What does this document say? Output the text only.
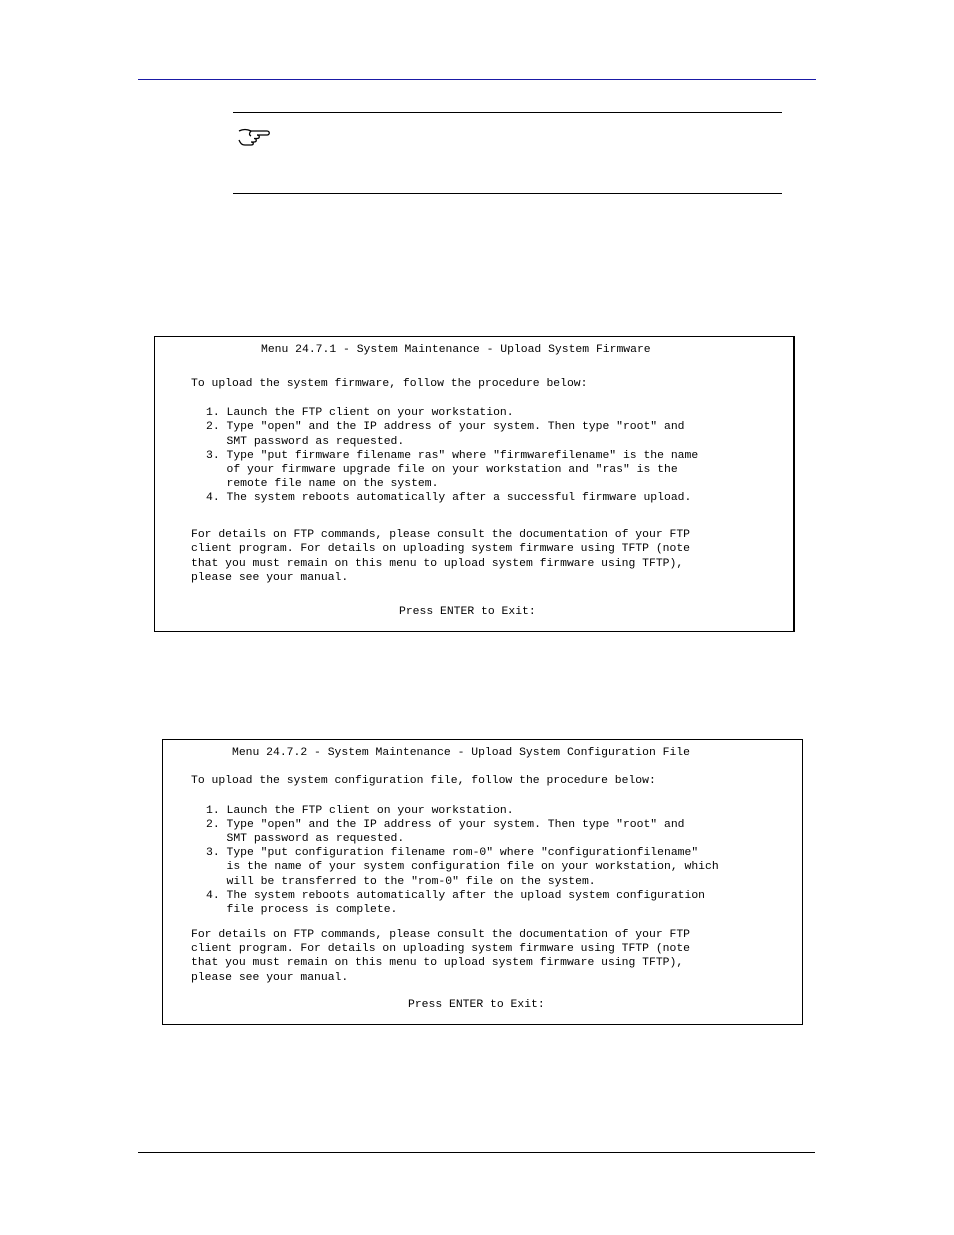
Menu 24.7.1 - System Maintenance - Upload System Firmware
To upload the system firmware, follow the procedure below:
1. Launch the FTP client on your workstation.
2. Type "open" and the IP address of your system. Then type "root" and
SMT password as requested.
3. Type "put firmware filename ras" where "firmwarefilename" is the name
of your firmware upgrade file on your workstation and "ras" is the
remote file name on the system.
4. The system reboots automatically after a successful firmware upload.
For details on FTP commands, please consult the documentation of your FTP
client program. For details on uploading system firmware using TFTP (note
that you must remain on this menu to upload system firmware using TFTP),
please see your manual.
Press ENTER to Exit:
Menu 24.7.2 - System Maintenance - Upload System Configuration File
To upload the system configuration file, follow the procedure below:
1. Launch the FTP client on your workstation.
2. Type "open" and the IP address of your system. Then type "root" and
SMT password as requested.
3. Type "put configuration filename rom-0" where "configurationfilename"
is the name of your system configuration file on your workstation, which
will be transferred to the "rom-0" file on the system.
4. The system reboots automatically after the upload system configuration
file process is complete.
For details on FTP commands, please consult the documentation of your FTP
client program. For details on uploading system firmware using TFTP (note
that you must remain on this menu to upload system firmware using TFTP),
please see your manual.
Press ENTER to Exit:
